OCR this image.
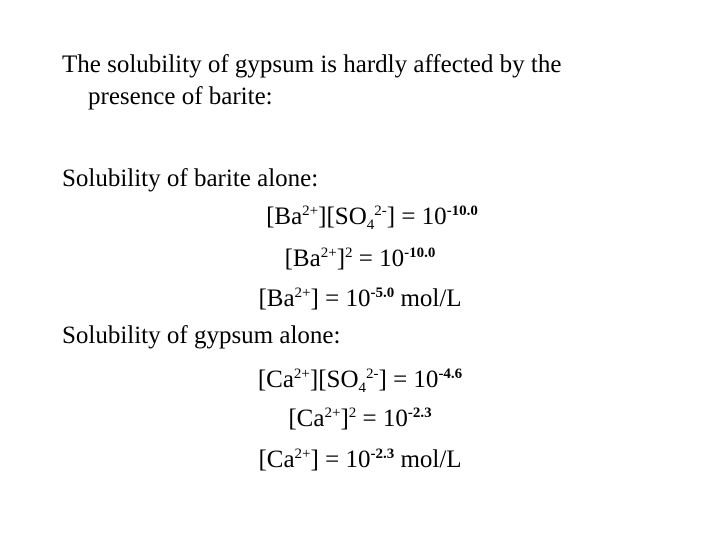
The solubility of gypsum is hardly affected by the
presence of barite:
Solubility of barite alone:
$[Ba^{2+}][SO_4^{2-}] = 10^{-10.0}$
$[Ba^{2+}]^2 = 10^{-10.0}$
$[Ba^{2+}] = 10^{-5.0}$ mol/L
Solubility of gypsum alone:
$[Ca^{2+}][SO_4^{2-}] = 10^{-4.6}$
$[Ca^{2+}]^2 = 10^{-2.3}$
$[Ca^{2+}] = 10^{-2.3}$ mol/L
